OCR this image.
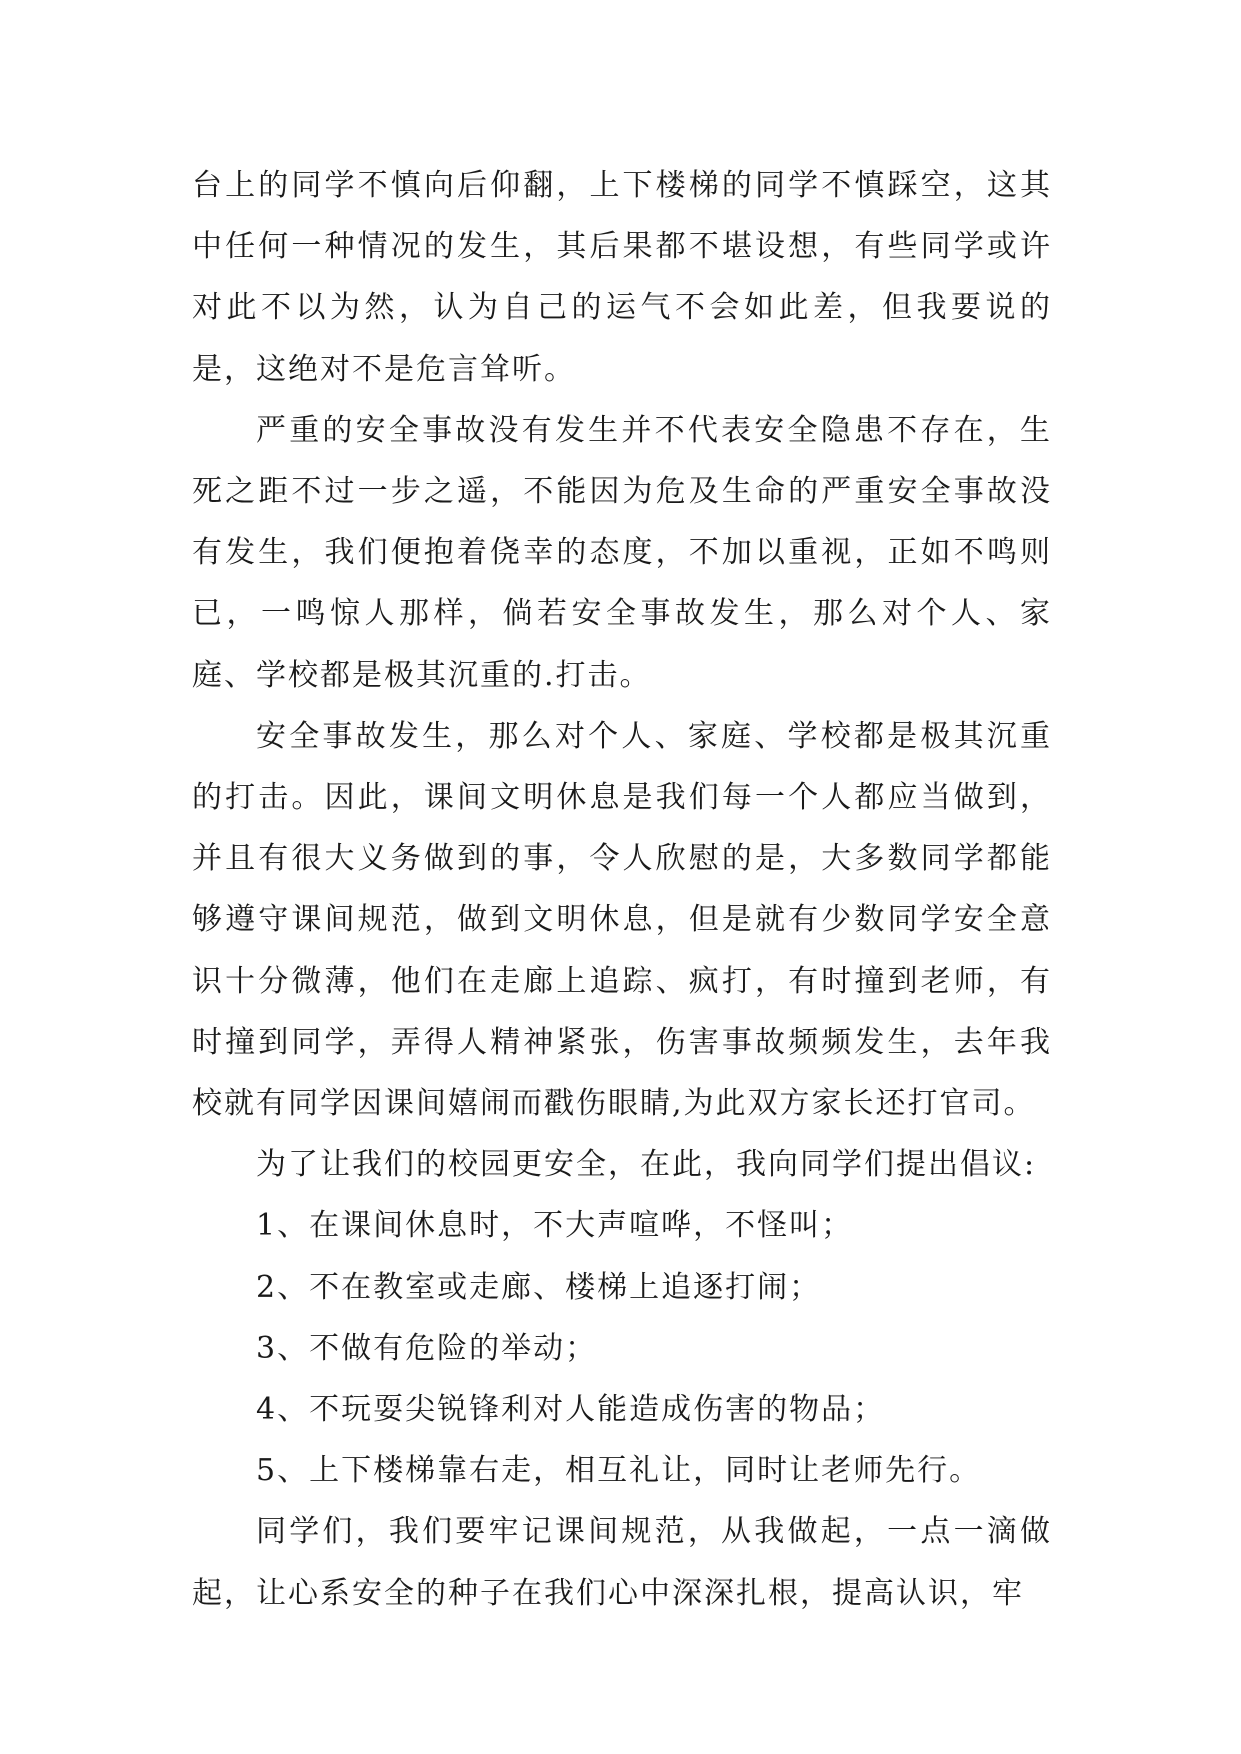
台上的同学不慎向后仰翻，上下楼梯的同学不慎踩空，这其中任何一种情况的发生，其后果都不堪设想，有些同学或许对此不以为然，认为自己的运气不会如此差，但我要说的是，这绝对不是危言耸听。

严重的安全事故没有发生并不代表安全隐患不存在，生死之距不过一步之遥，不能因为危及生命的严重安全事故没有发生，我们便抱着侥幸的态度，不加以重视，正如不鸣则已，一鸣惊人那样，倘若安全事故发生，那么对个人、家庭、学校都是极其沉重的.打击。

安全事故发生，那么对个人、家庭、学校都是极其沉重的打击。因此，课间文明休息是我们每一个人都应当做到，并且有很大义务做到的事，令人欣慰的是，大多数同学都能够遵守课间规范，做到文明休息，但是就有少数同学安全意识十分微薄，他们在走廊上追踪、疯打，有时撞到老师，有时撞到同学，弄得人精神紧张，伤害事故频频发生，去年我校就有同学因课间嬉闹而戳伤眼睛,为此双方家长还打官司。

为了让我们的校园更安全，在此，我向同学们提出倡议:

1、在课间休息时，不大声喧哗，不怪叫；

2、不在教室或走廊、楼梯上追逐打闹；

3、不做有危险的举动；

4、不玩耍尖锐锋利对人能造成伤害的物品；

5、上下楼梯靠右走，相互礼让，同时让老师先行。

同学们，我们要牢记课间规范，从我做起，一点一滴做起，让心系安全的种子在我们心中深深扎根，提高认识，牢
